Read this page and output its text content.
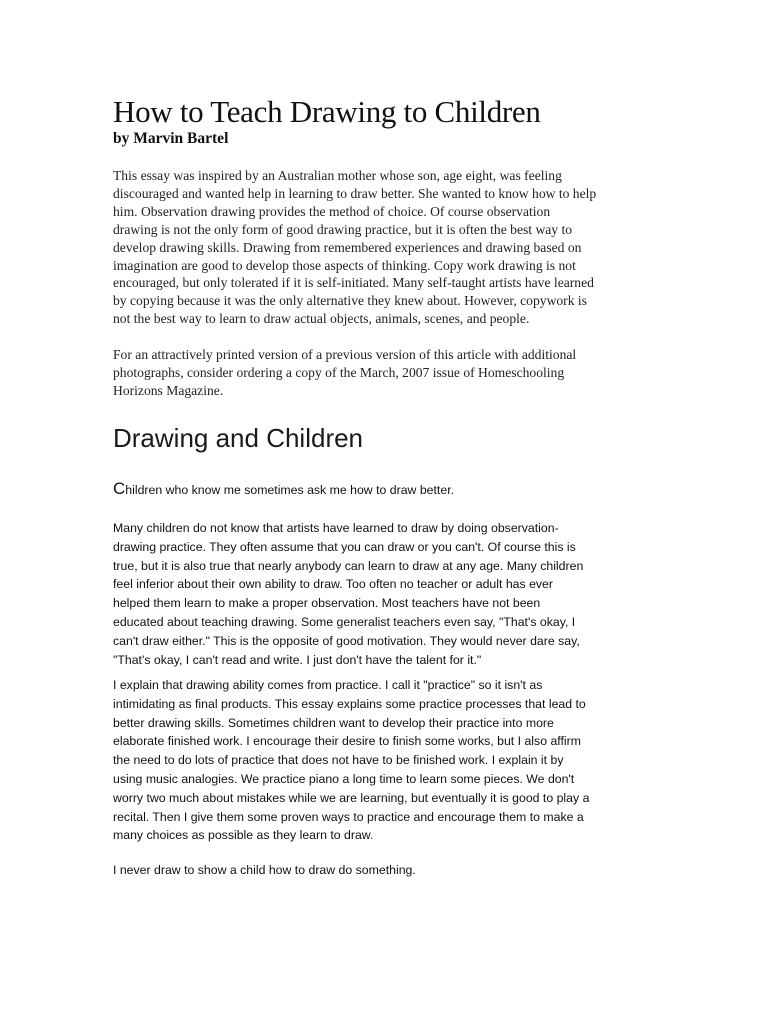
How to Teach Drawing to Children
by Marvin Bartel

This essay was inspired by an Australian mother whose son, age eight, was feeling
discouraged and wanted help in learning to draw better. She wanted to know how to help
him. Observation drawing provides the method of choice. Of course observation
drawing is not the only form of good drawing practice, but it is often the best way to
develop drawing skills. Drawing from remembered experiences and drawing based on
imagination are good to develop those aspects of thinking. Copy work drawing is not
encouraged, but only tolerated if it is self-initiated. Many self-taught artists have learned
by copying because it was the only alternative they knew about. However, copywork is
not the best way to learn to draw actual objects, animals, scenes, and people.

For an attractively printed version of a previous version of this article with additional
photographs, consider ordering a copy of the March, 2007 issue of Homeschooling
Horizons Magazine.

Drawing and Children

Children who know me sometimes ask me how to draw better.

Many children do not know that artists have learned to draw by doing observation-
drawing practice. They often assume that you can draw or you can't. Of course this is
true, but it is also true that nearly anybody can learn to draw at any age. Many children
feel inferior about their own ability to draw. Too often no teacher or adult has ever
helped them learn to make a proper observation. Most teachers have not been
educated about teaching drawing. Some generalist teachers even say, "That's okay, I
can't draw either." This is the opposite of good motivation. They would never dare say,
"That's okay, I can't read and write. I just don't have the talent for it."

I explain that drawing ability comes from practice. I call it "practice" so it isn't as
intimidating as final products. This essay explains some practice processes that lead to
better drawing skills. Sometimes children want to develop their practice into more
elaborate finished work. I encourage their desire to finish some works, but I also affirm
the need to do lots of practice that does not have to be finished work. I explain it by
using music analogies. We practice piano a long time to learn some pieces. We don't
worry two much about mistakes while we are learning, but eventually it is good to play a
recital. Then I give them some proven ways to practice and encourage them to make a
many choices as possible as they learn to draw.

I never draw to show a child how to draw do something.
